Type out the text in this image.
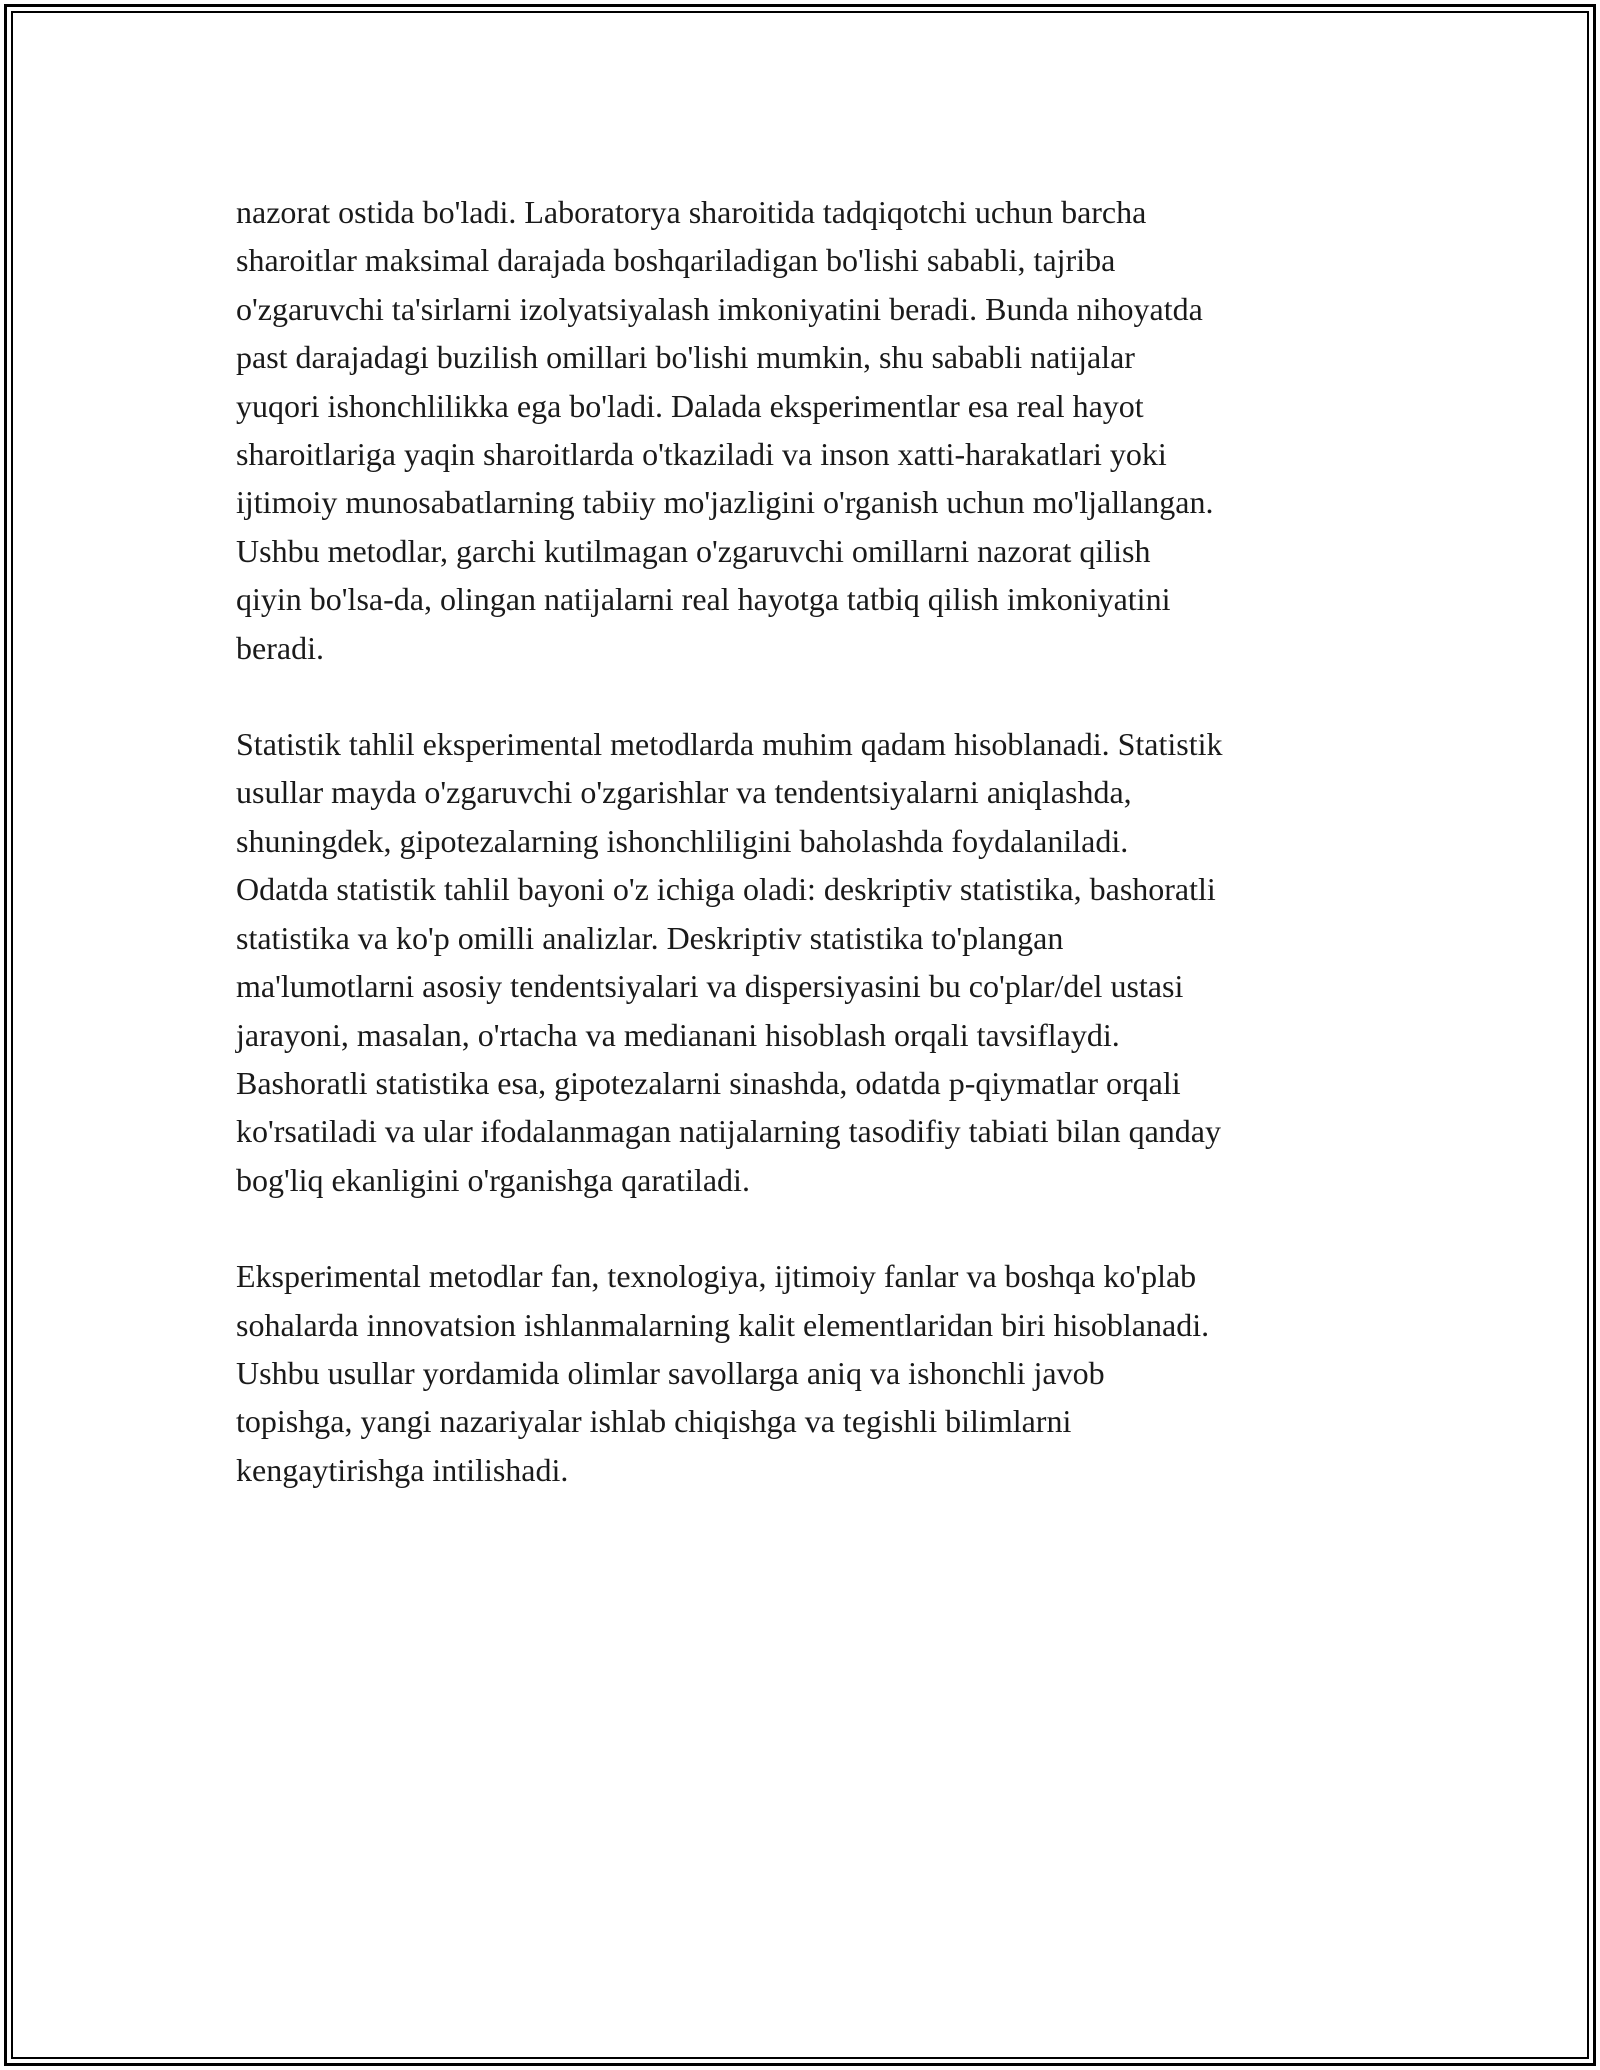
nazorat ostida bo'ladi. Laboratorya sharoitida tadqiqotchi uchun barcha
sharoitlar maksimal darajada boshqariladigan bo'lishi sababli, tajriba
o'zgaruvchi ta'sirlarni izolyatsiyalash imkoniyatini beradi. Bunda nihoyatda
past darajadagi buzilish omillari bo'lishi mumkin, shu sababli natijalar
yuqori ishonchlilikka ega bo'ladi. Dalada eksperimentlar esa real hayot
sharoitlariga yaqin sharoitlarda o'tkaziladi va inson xatti-harakatlari yoki
ijtimoiy munosabatlarning tabiiy mo'jazligini o'rganish uchun mo'ljallangan.
Ushbu metodlar, garchi kutilmagan o'zgaruvchi omillarni nazorat qilish
qiyin bo'lsa-da, olingan natijalarni real hayotga tatbiq qilish imkoniyatini
beradi.

Statistik tahlil eksperimental metodlarda muhim qadam hisoblanadi. Statistik
usullar mayda o'zgaruvchi o'zgarishlar va tendentsiyalarni aniqlashda,
shuningdek, gipotezalarning ishonchliligini baholashda foydalaniladi.
Odatda statistik tahlil bayoni o'z ichiga oladi: deskriptiv statistika, bashoratli
statistika va ko'p omilli analizlar. Deskriptiv statistika to'plangan
ma'lumotlarni asosiy tendentsiyalari va dispersiyasini bu co'plar/del ustasi
jarayoni, masalan, o'rtacha va medianani hisoblash orqali tavsiflaydi.
Bashoratli statistika esa, gipotezalarni sinashda, odatda p-qiymatlar orqali
ko'rsatiladi va ular ifodalanmagan natijalarning tasodifiy tabiati bilan qanday
bog'liq ekanligini o'rganishga qaratiladi.

Eksperimental metodlar fan, texnologiya, ijtimoiy fanlar va boshqa ko'plab
sohalarda innovatsion ishlanmalarning kalit elementlaridan biri hisoblanadi.
Ushbu usullar yordamida olimlar savollarga aniq va ishonchli javob
topishga, yangi nazariyalar ishlab chiqishga va tegishli bilimlarni
kengaytirishga intilishadi.
